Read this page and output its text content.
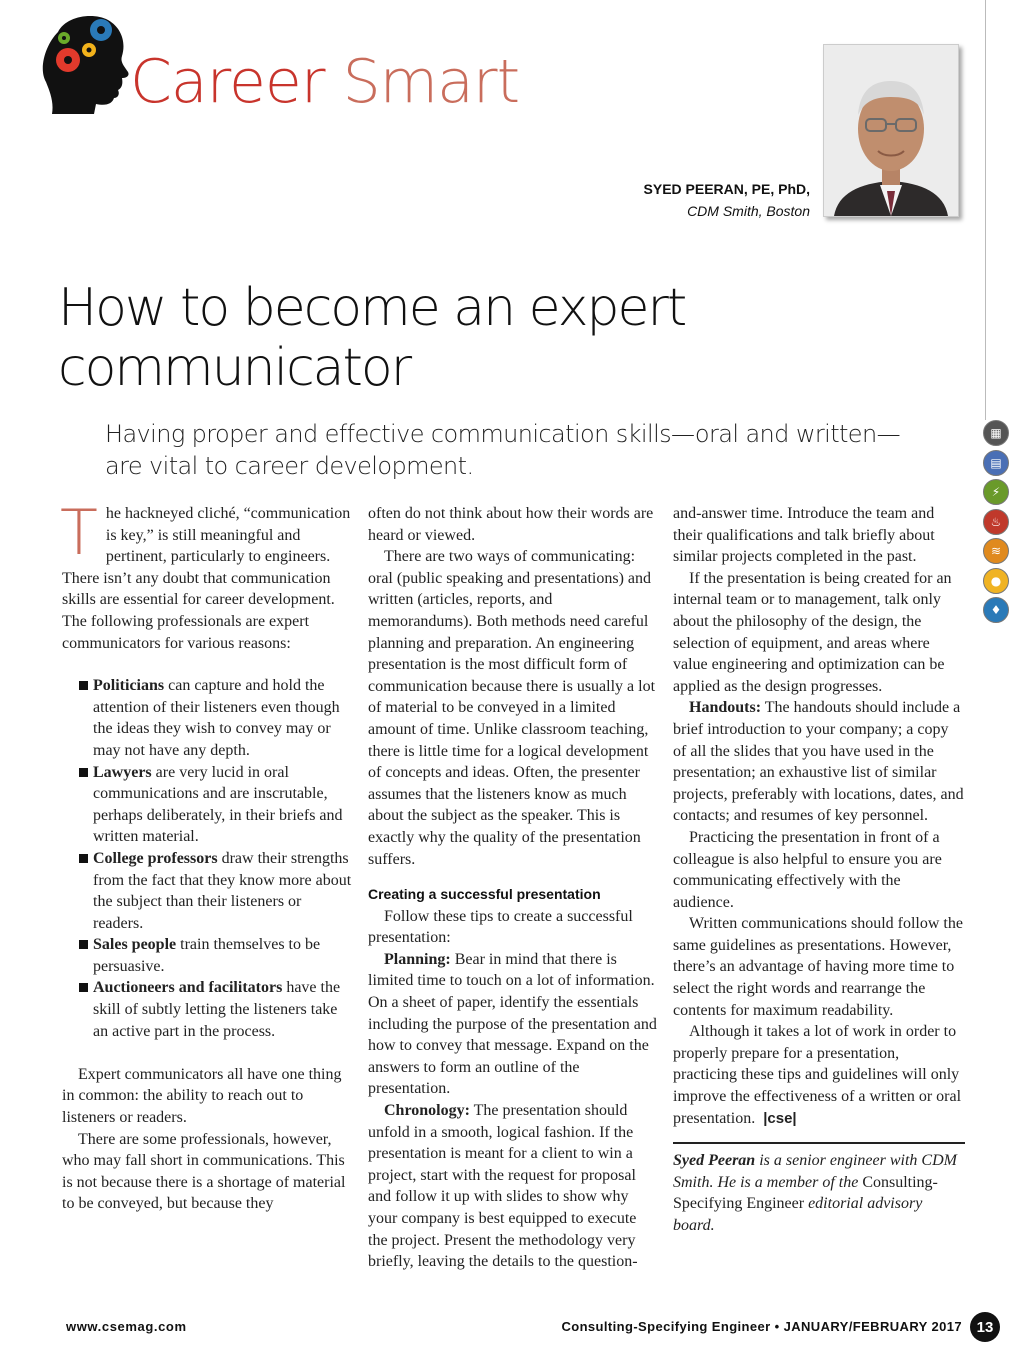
Career Smart
SYED PEERAN, PE, PhD,
CDM Smith, Boston
How to become an expert
communicator
Having proper and effective communication skills—oral and written—
are vital to career development.

The hackneyed cliché, “communication is key,” is still meaningful and pertinent, particularly to engineers. There isn’t any doubt that communication skills are essential for career development. The following professionals are expert communicators for various reasons:

Politicians can capture and hold the attention of their listeners even though the ideas they wish to convey may or may not have any depth.
Lawyers are very lucid in oral communications and are inscrutable, perhaps deliberately, in their briefs and written material.
College professors draw their strengths from the fact that they know more about the subject than their listeners or readers.
Sales people train themselves to be persuasive.
Auctioneers and facilitators have the skill of subtly letting the listeners take an active part in the process.

Expert communicators all have one thing in common: the ability to reach out to listeners or readers.

There are some professionals, however, who may fall short in communications. This is not because there is a shortage of material to be conveyed, but because they

often do not think about how their words are heard or viewed.

There are two ways of communicating: oral (public speaking and presentations) and written (articles, reports, and memorandums). Both methods need careful planning and preparation. An engineering presentation is the most difficult form of communication because there is usually a lot of material to be conveyed in a limited amount of time. Unlike classroom teaching, there is little time for a logical development of concepts and ideas. Often, the presenter assumes that the listeners know as much about the subject as the speaker. This is exactly why the quality of the presentation suffers.

Creating a successful presentation

Follow these tips to create a successful presentation:

Planning: Bear in mind that there is limited time to touch on a lot of information. On a sheet of paper, identify the essentials including the purpose of the presentation and how to convey that message. Expand on the answers to form an outline of the presentation.

Chronology: The presentation should unfold in a smooth, logical fashion. If the presentation is meant for a client to win a project, start with the request for proposal and follow it up with slides to show why your company is best equipped to execute the project. Present the methodology very briefly, leaving the details to the question-

and-answer time. Introduce the team and their qualifications and talk briefly about similar projects completed in the past.

If the presentation is being created for an internal team or to management, talk only about the philosophy of the design, the selection of equipment, and areas where value engineering and optimization can be applied as the design progresses.

Handouts: The handouts should include a brief introduction to your company; a copy of all the slides that you have used in the presentation; an exhaustive list of similar projects, preferably with locations, dates, and contacts; and resumes of key personnel.

Practicing the presentation in front of a colleague is also helpful to ensure you are communicating effectively with the audience.

Written communications should follow the same guidelines as presentations. However, there’s an advantage of having more time to select the right words and rearrange the contents for maximum readability.

Although it takes a lot of work in order to properly prepare for a presentation, practicing these tips and guidelines will only improve the effectiveness of a written or oral presentation. |cse|

Syed Peeran is a senior engineer with CDM Smith. He is a member of the Consulting-Specifying Engineer editorial advisory board.

▦
▤
⚡
♨
≋
●
♦
www.csemag.com	Consulting-Specifying Engineer • JANUARY/FEBRUARY 2017 13
